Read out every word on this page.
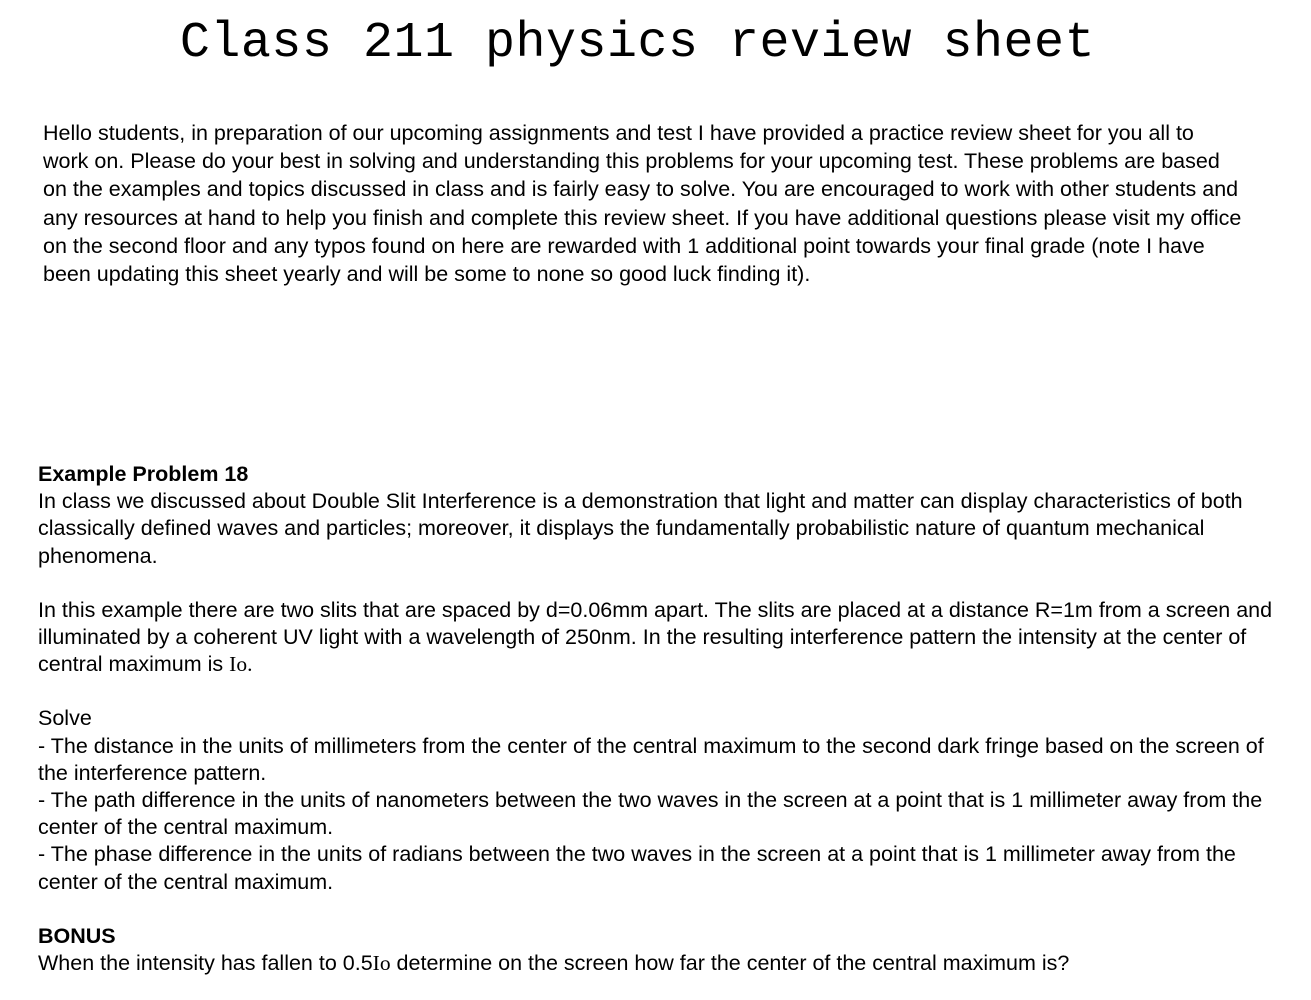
Class 211 physics review sheet

Hello students, in preparation of our upcoming assignments and test I have provided a practice review sheet for you all to work on. Please do your best in solving and understanding this problems for your upcoming test. These problems are based on the examples and topics discussed in class and is fairly easy to solve. You are encouraged to work with other students and any resources at hand to help you finish and complete this review sheet. If you have additional questions please visit my office on the second floor and any typos found on here are rewarded with 1 additional point towards your final grade (note I have been updating this sheet yearly and will be some to none so good luck finding it).

Example Problem 18

In class we discussed about Double Slit Interference is a demonstration that light and matter can display characteristics of both classically defined waves and particles; moreover, it displays the fundamentally probabilistic nature of quantum mechanical phenomena.

In this example there are two slits that are spaced by d=0.06mm apart. The slits are placed at a distance R=1m from a screen and illuminated by a coherent UV light with a wavelength of 250nm. In the resulting interference pattern the intensity at the center of central maximum is Io.

Solve

- The distance in the units of millimeters from the center of the central maximum to the second dark fringe based on the screen of the interference pattern.

- The path difference in the units of nanometers between the two waves in the screen at a point that is 1 millimeter away from the center of the central maximum.

- The phase difference in the units of radians between the two waves in the screen at a point that is 1 millimeter away from the center of the central maximum.

BONUS

When the intensity has fallen to 0.5Io determine on the screen how far the center of the central maximum is?
